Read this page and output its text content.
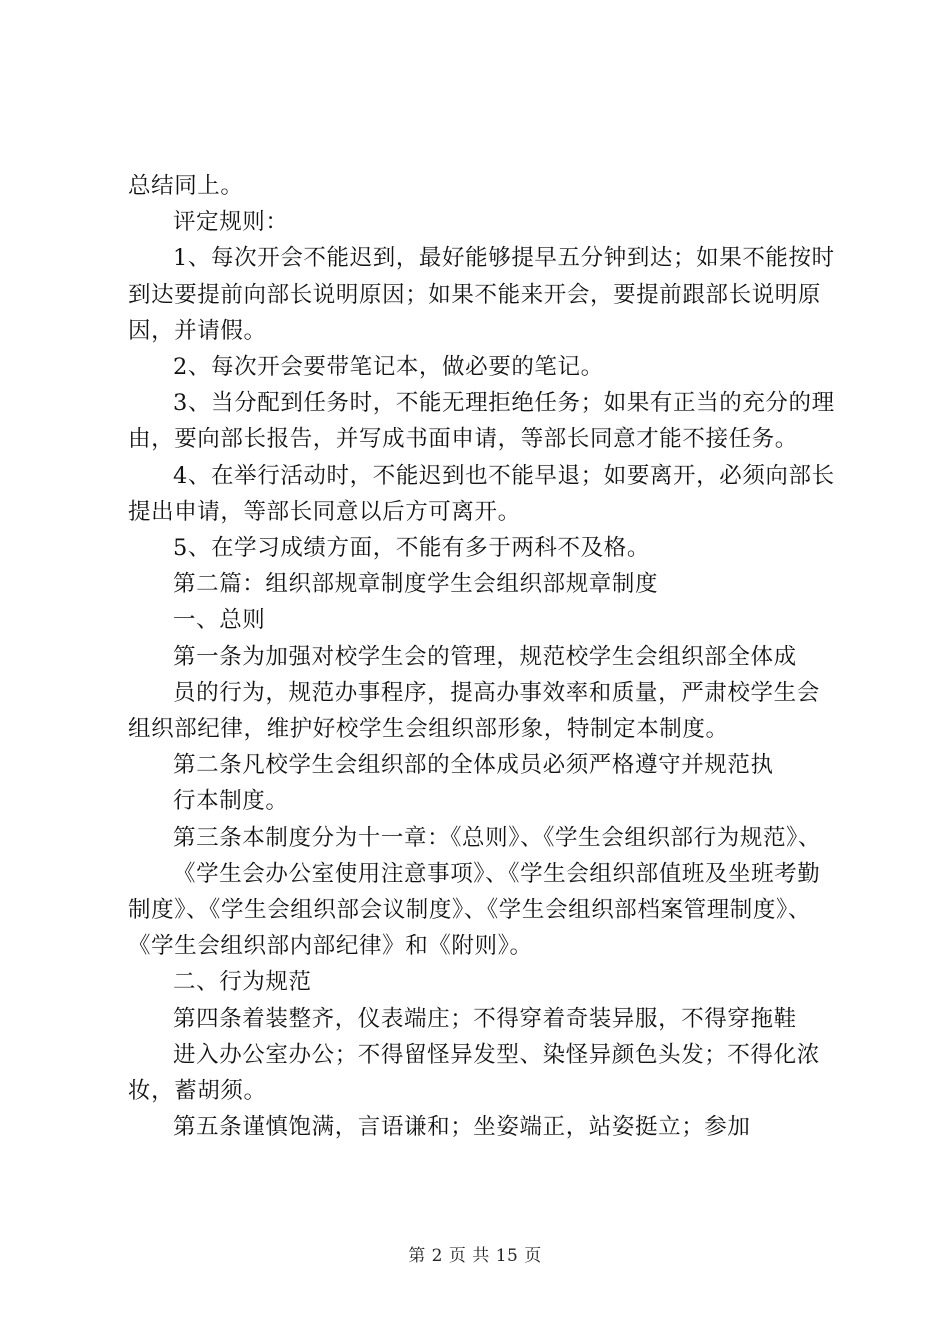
总结同上。

评定规则：

1、每次开会不能迟到，最好能够提早五分钟到达；如果不能按时到达要提前向部长说明原因；如果不能来开会，要提前跟部长说明原因，并请假。

2、每次开会要带笔记本，做必要的笔记。

3、当分配到任务时，不能无理拒绝任务；如果有正当的充分的理由，要向部长报告，并写成书面申请，等部长同意才能不接任务。

4、在举行活动时，不能迟到也不能早退；如要离开，必须向部长提出申请，等部长同意以后方可离开。

5、在学习成绩方面，不能有多于两科不及格。

第二篇：组织部规章制度学生会组织部规章制度

一、总则

第一条为加强对校学生会的管理，规范校学生会组织部全体成

员的行为，规范办事程序，提高办事效率和质量，严肃校学生会组织部纪律，维护好校学生会组织部形象，特制定本制度。

第二条凡校学生会组织部的全体成员必须严格遵守并规范执

行本制度。

第三条本制度分为十一章：《总则》、《学生会组织部行为规范》、

《学生会办公室使用注意事项》、《学生会组织部值班及坐班考勤制度》、《学生会组织部会议制度》、《学生会组织部档案管理制度》、《学生会组织部内部纪律》和《附则》。

二、行为规范

第四条着装整齐，仪表端庄；不得穿着奇装异服，不得穿拖鞋

进入办公室办公；不得留怪异发型、染怪异颜色头发；不得化浓妆，蓄胡须。

第五条谨慎饱满，言语谦和；坐姿端正，站姿挺立；参加

第 2 页 共 15 页
